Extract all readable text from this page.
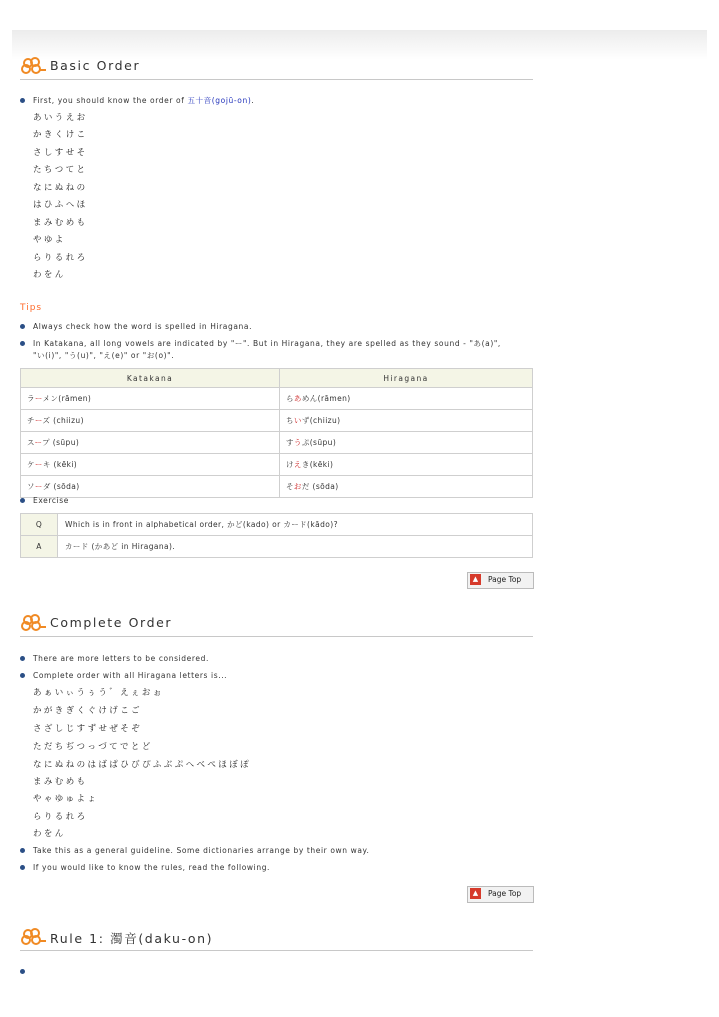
Basic Order
First, you should know the order of 五十音(gojū-on).
あいうえお
かきくけこ
さしすせそ
たちつてと
なにぬねの
はひふへほ
まみむめも
やゆよ
らりるれろ
わをん
Tips
Always check how the word is spelled in Hiragana.
In Katakana, all long vowels are indicated by "ー". But in Hiragana, they are spelled as they sound - "あ(a)",
"い(i)", "う(u)", "え(e)" or "お(o)".
Katakana	Hiragana
ラーメン(rāmen)	らあめん(rāmen)
チーズ (chiizu)	ちいず(chiizu)
スープ (sūpu)	すうぷ(sūpu)
ケーキ (kēki)	けえき(kēki)
ソーダ (sōda)	そおだ (sōda)
Exercise
Q	Which is in front in alphabetical order, かど(kado) or カード(kādo)?
A	カード (かあど in Hiragana).
▲	Page Top
Complete Order
There are more letters to be considered.
Complete order with all Hiragana letters is...
あぁいぃうぅう゛えぇおぉ
かがきぎくぐけげこご
さざしじすずせぜそぞ
ただちぢつっづてでとど
なにぬねのはばぱひびぴふぶぷへべぺほぼぽ
まみむめも
やゃゆゅよょ
らりるれろ
わをん
Take this as a general guideline. Some dictionaries arrange by their own way.
If you would like to know the rules, read the following.
▲	Page Top
Rule 1: 濁音(daku-on)
